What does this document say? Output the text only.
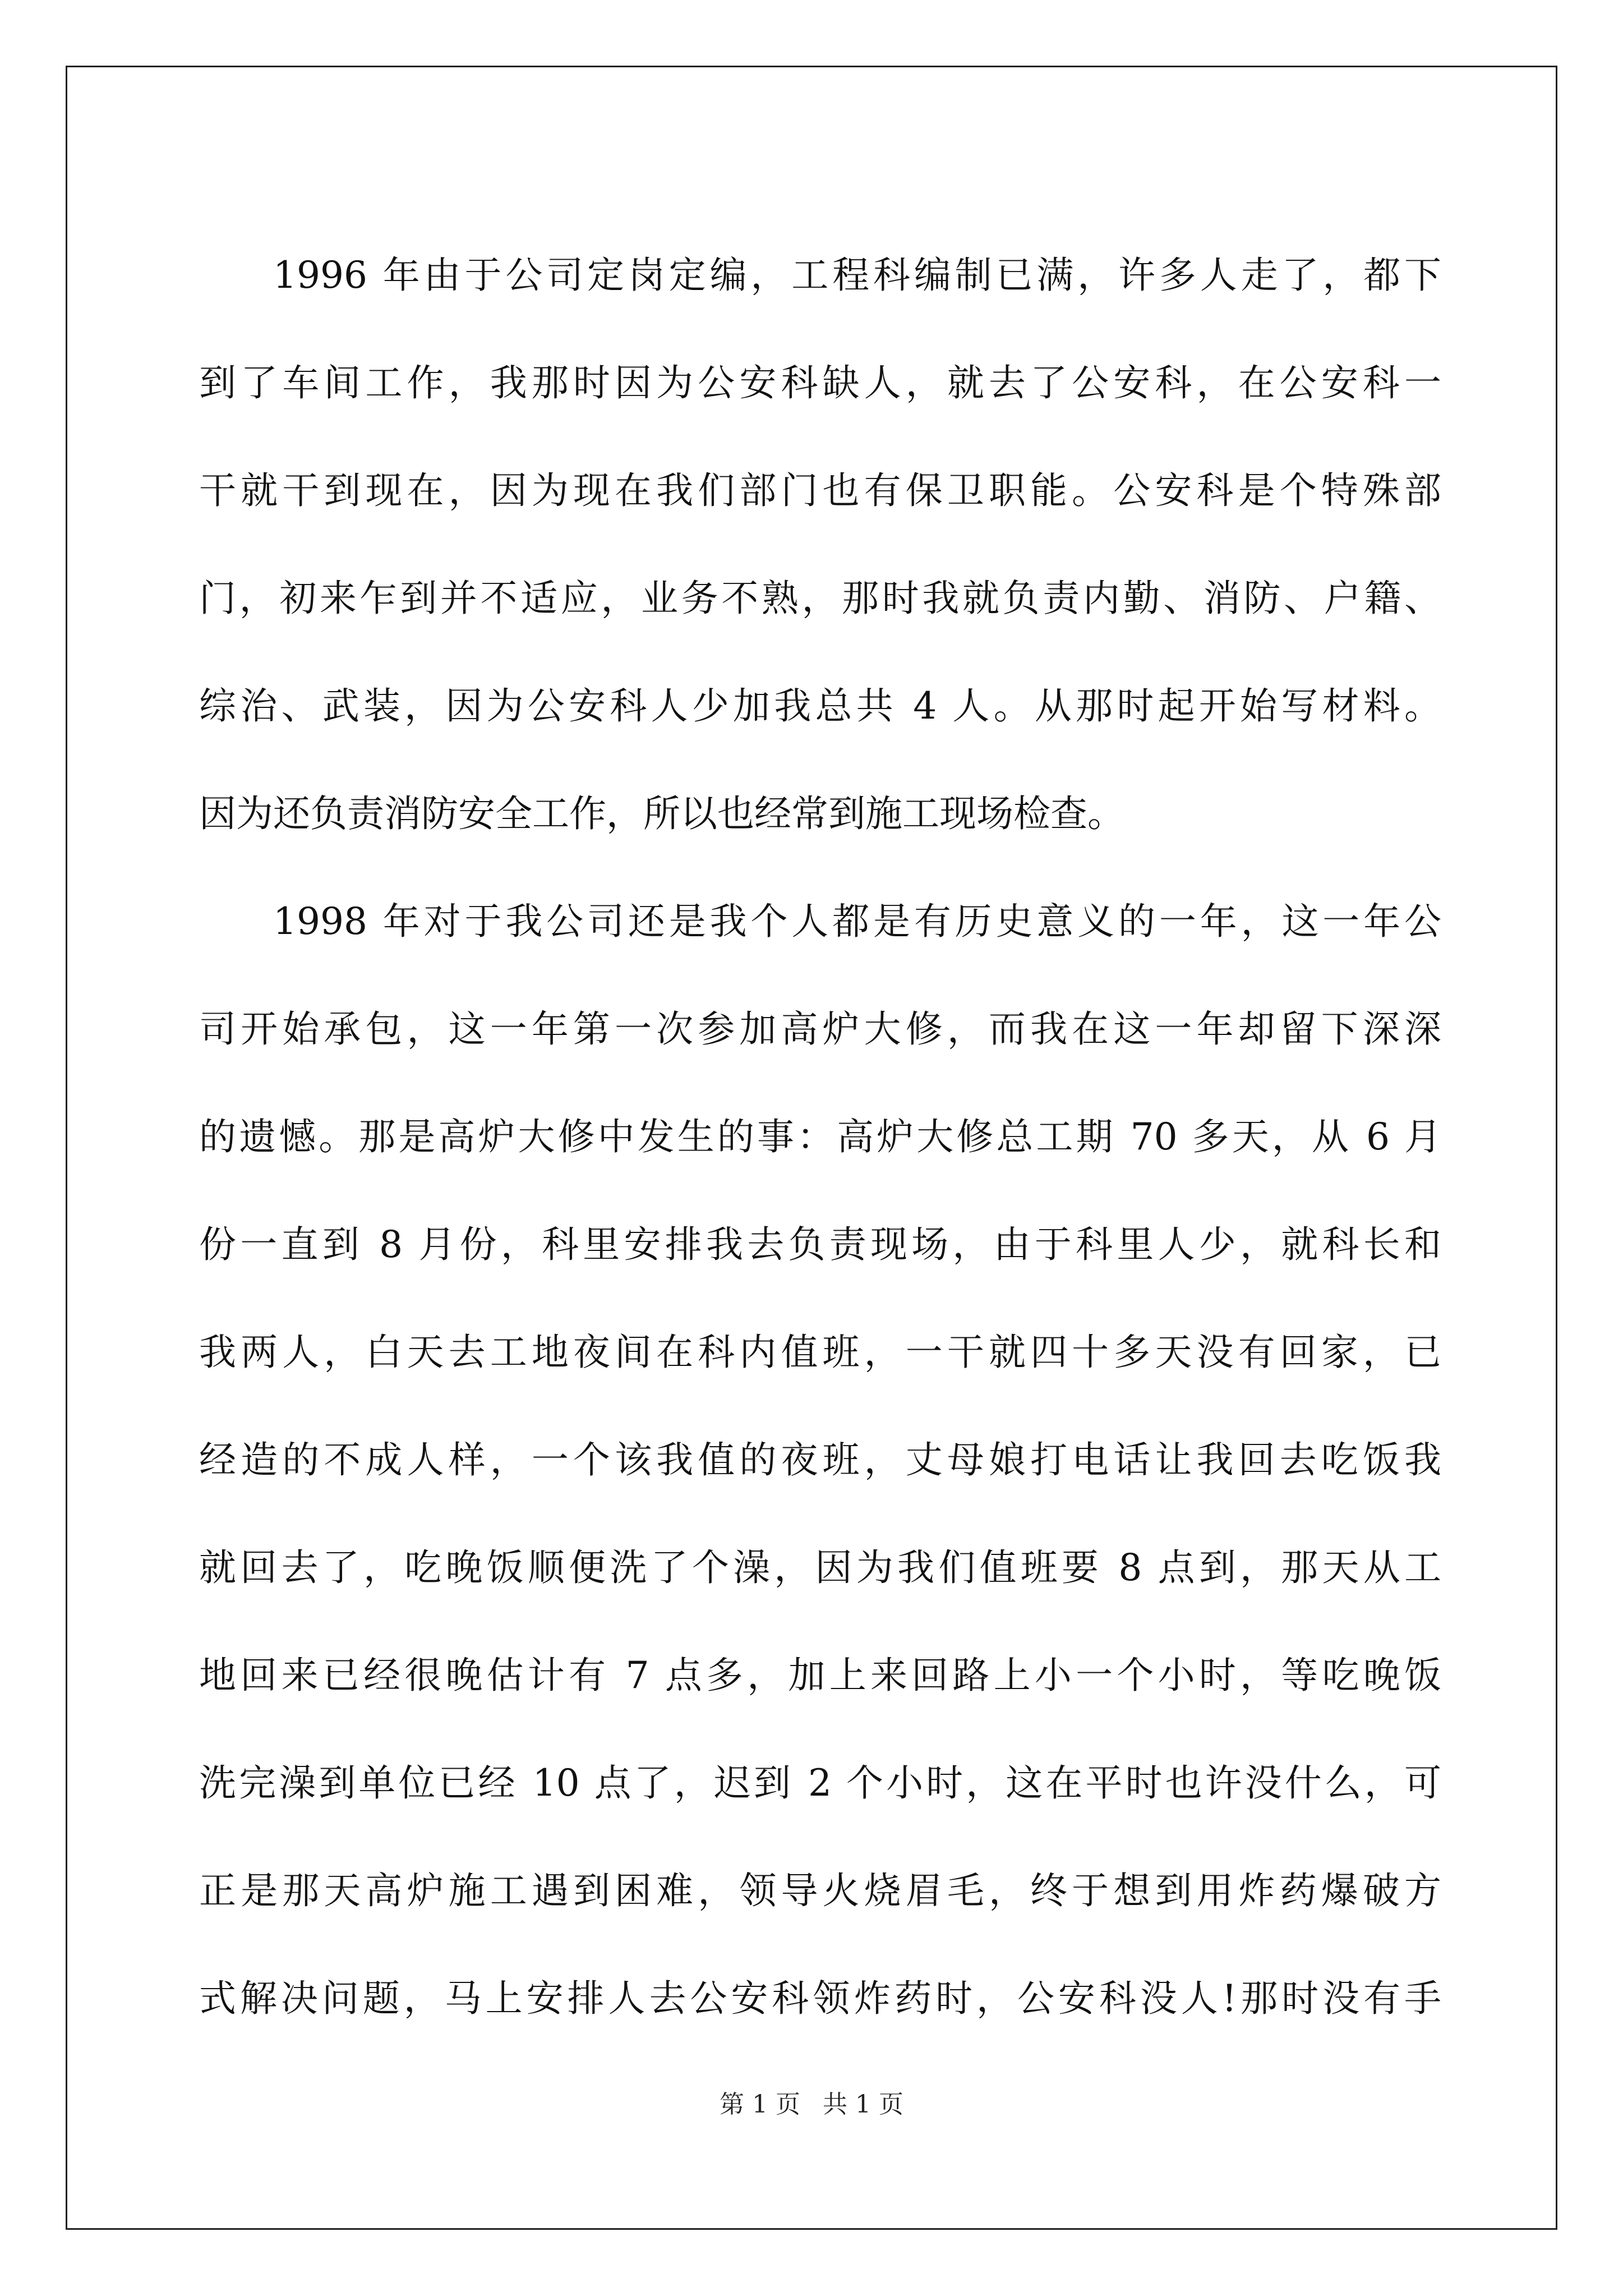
1996 年由于公司定岗定编，工程科编制已满，许多人走了，都下
到了车间工作，我那时因为公安科缺人，就去了公安科，在公安科一
干就干到现在，因为现在我们部门也有保卫职能。公安科是个特殊部
门，初来乍到并不适应，业务不熟，那时我就负责内勤、消防、户籍、
综治、武装，因为公安科人少加我总共 4 人。从那时起开始写材料。
因为还负责消防安全工作，所以也经常到施工现场检查。
1998 年对于我公司还是我个人都是有历史意义的一年，这一年公
司开始承包，这一年第一次参加高炉大修，而我在这一年却留下深深
的遗憾。那是高炉大修中发生的事：高炉大修总工期 70 多天，从 6 月
份一直到 8 月份，科里安排我去负责现场，由于科里人少，就科长和
我两人，白天去工地夜间在科内值班，一干就四十多天没有回家，已
经造的不成人样，一个该我值的夜班，丈母娘打电话让我回去吃饭我
就回去了，吃晚饭顺便洗了个澡，因为我们值班要 8 点到，那天从工
地回来已经很晚估计有 7 点多，加上来回路上小一个小时，等吃晚饭
洗完澡到单位已经 10 点了，迟到 2 个小时，这在平时也许没什么，可
正是那天高炉施工遇到困难，领导火烧眉毛，终于想到用炸药爆破方
式解决问题，马上安排人去公安科领炸药时，公安科没人!那时没有手
第 1 页 共 1 页
